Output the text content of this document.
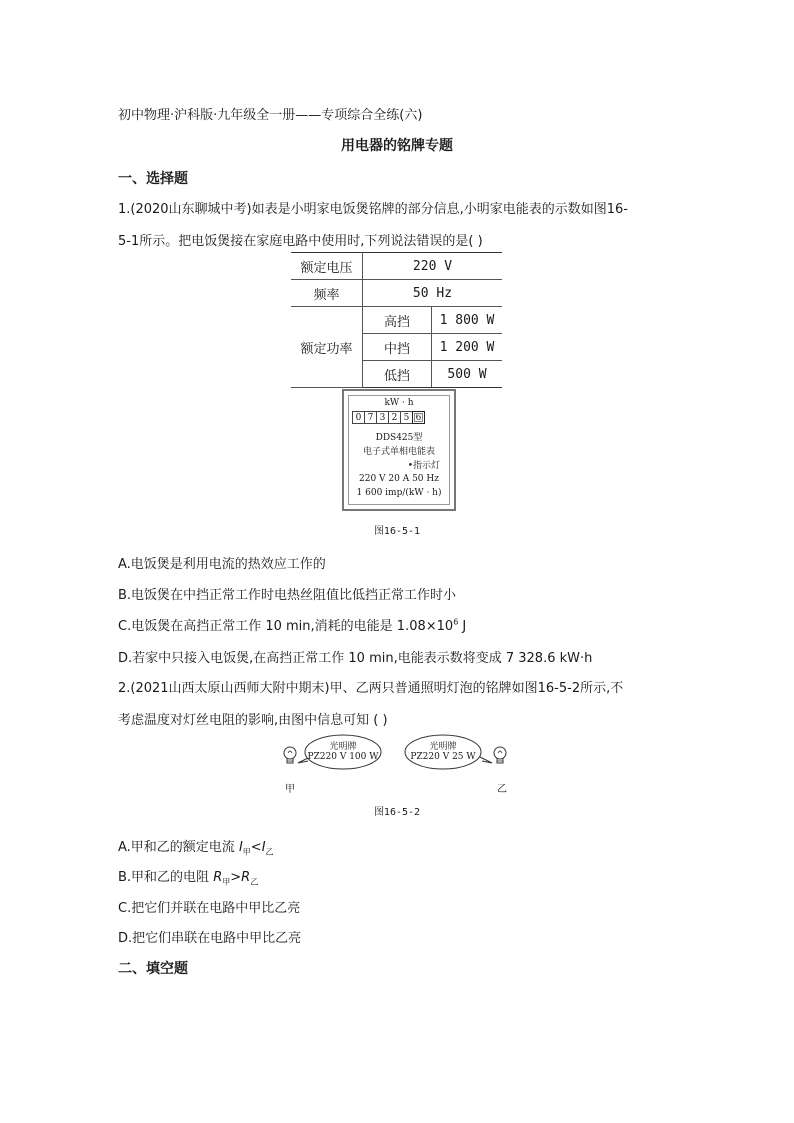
初中物理·沪科版·九年级全一册——专项综合全练(六)
用电器的铭牌专题
一、选择题
1.(2020山东聊城中考)如表是小明家电饭煲铭牌的部分信息,小明家电能表的示数如图16-
5-1所示。把电饭煲接在家庭电路中使用时,下列说法错误的是( )
额定电压	220 V	
频率	50 Hz	
额定功率	高挡	1 800 W
	中挡	1 200 W
	低挡	500 W
kW · h
0 7 3 2 5 6
DDS425型
电子式单相电能表
•指示灯
220 V 20 A 50 Hz
1 600 imp/(kW · h)
图16-5-1
A.电饭煲是利用电流的热效应工作的
B.电饭煲在中挡正常工作时电热丝阻值比低挡正常工作时小
C.电饭煲在高挡正常工作 10 min,消耗的电能是 $1.08\times 10^6$ J
D.若家中只接入电饭煲,在高挡正常工作 10 min,电能表示数将变成 7 328.6 kW·h
2.(2021山西太原山西师大附中期末)甲、乙两只普通照明灯泡的铭牌如图16-5-2所示,不
考虑温度对灯丝电阻的影响,由图中信息可知 ( )
光明牌
PZ220 V 100 W
光明牌
PZ220 V 25 W
甲	乙
图16-5-2
A.甲和乙的额定电流 $I_甲<I_乙$
B.甲和乙的电阻 $R_甲>R_乙$
C.把它们并联在电路中甲比乙亮
D.把它们串联在电路中甲比乙亮
二、填空题
